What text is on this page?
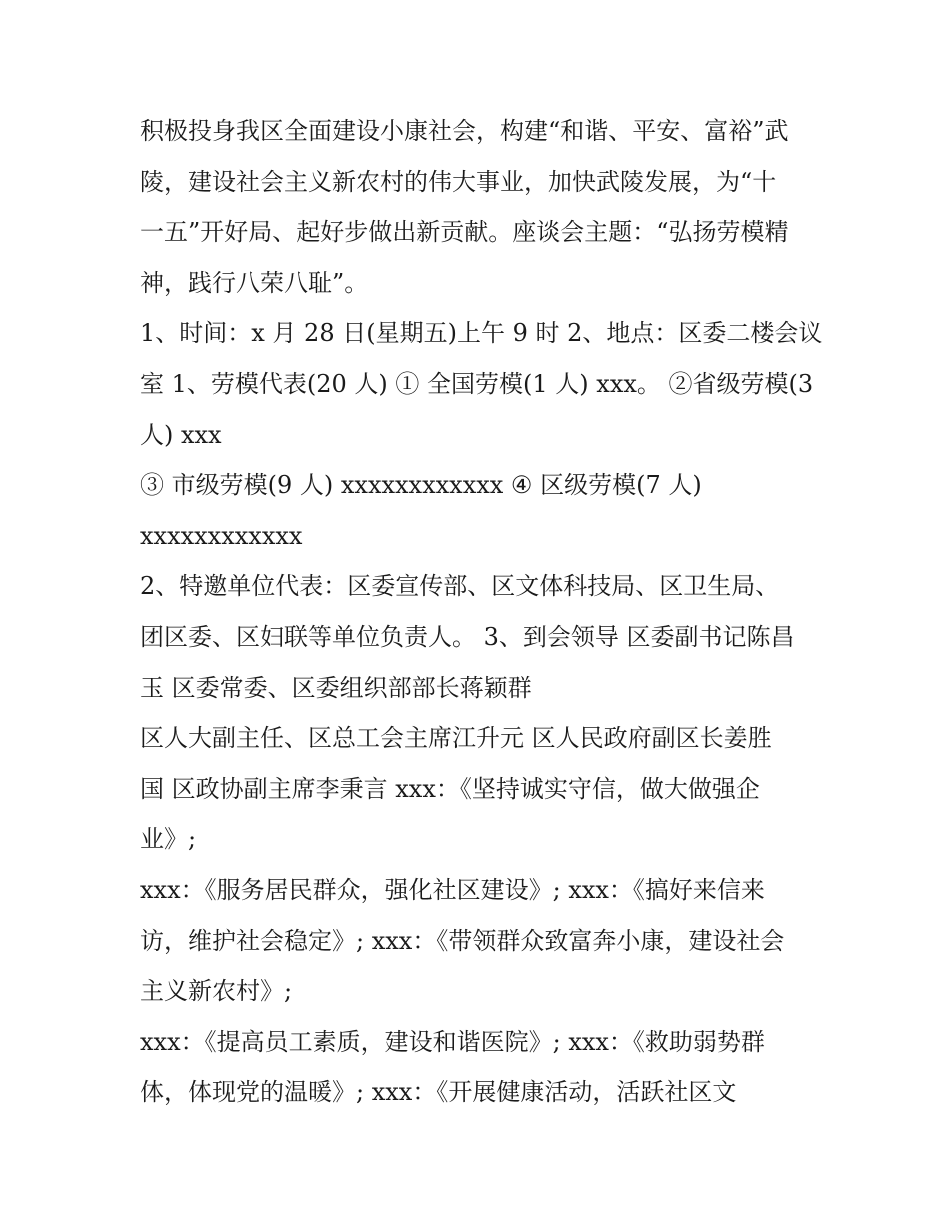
积极投身我区全面建设小康社会，构建“和谐、平安、富裕”武
陵，建设社会主义新农村的伟大事业，加快武陵发展，为“十
一五”开好局、起好步做出新贡献。座谈会主题：“弘扬劳模精
神，践行八荣八耻”。
1、时间：x 月 28 日(星期五)上午 9 时 2、地点：区委二楼会议
室 1、劳模代表(20 人) ① 全国劳模(1 人) xxx。 ②省级劳模(3
人) xxx
③ 市级劳模(9 人) xxxxxxxxxxxx ④ 区级劳模(7 人)
xxxxxxxxxxxx
2、特邀单位代表：区委宣传部、区文体科技局、区卫生局、
团区委、区妇联等单位负责人。 3、到会领导 区委副书记陈昌
玉 区委常委、区委组织部部长蒋颖群
区人大副主任、区总工会主席江升元 区人民政府副区长姜胜
国 区政协副主席李秉言 xxx：《坚持诚实守信，做大做强企
业》;
xxx：《服务居民群众，强化社区建设》; xxx：《搞好来信来
访，维护社会稳定》; xxx：《带领群众致富奔小康，建设社会
主义新农村》;
xxx：《提高员工素质，建设和谐医院》; xxx：《救助弱势群
体，体现党的温暖》; xxx：《开展健康活动，活跃社区文
